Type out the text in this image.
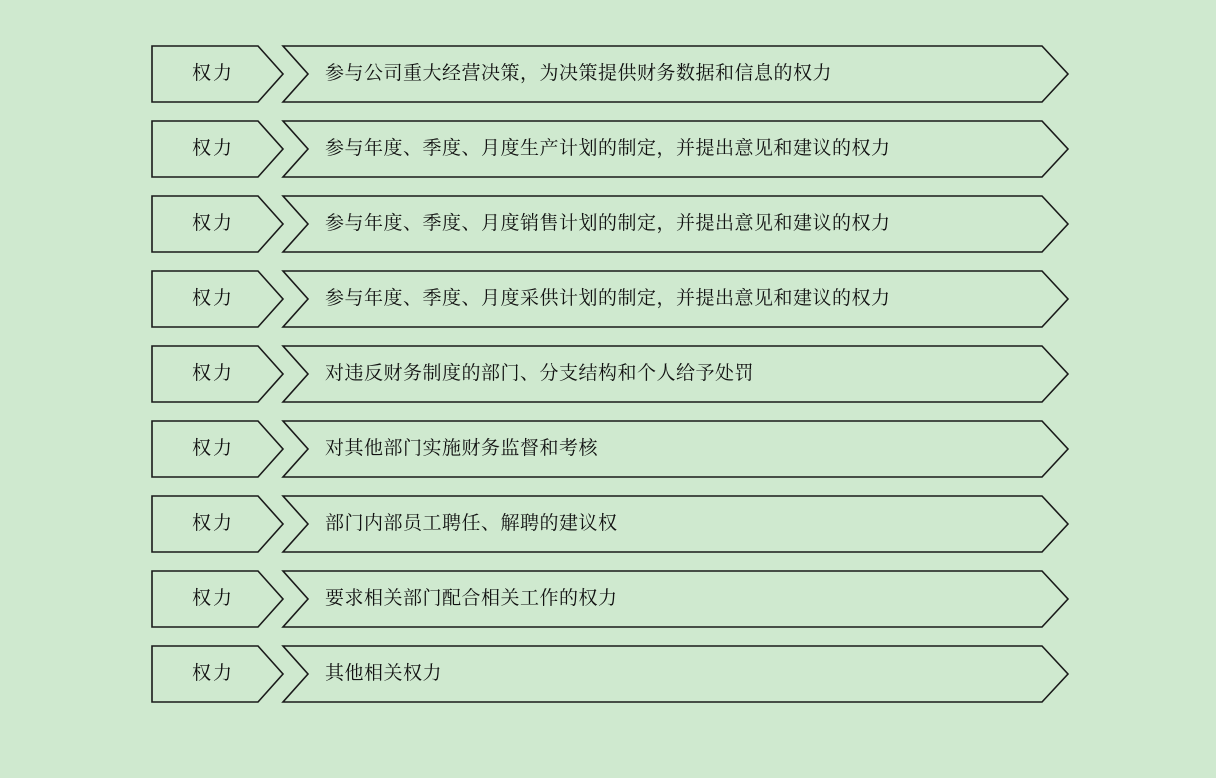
权力	参与公司重大经营决策，为决策提供财务数据和信息的权力
权力	参与年度、季度、月度生产计划的制定，并提出意见和建议的权力
权力	参与年度、季度、月度销售计划的制定，并提出意见和建议的权力
权力	参与年度、季度、月度采供计划的制定，并提出意见和建议的权力
权力	对违反财务制度的部门、分支结构和个人给予处罚
权力	对其他部门实施财务监督和考核
权力	部门内部员工聘任、解聘的建议权
权力	要求相关部门配合相关工作的权力
权力	其他相关权力
